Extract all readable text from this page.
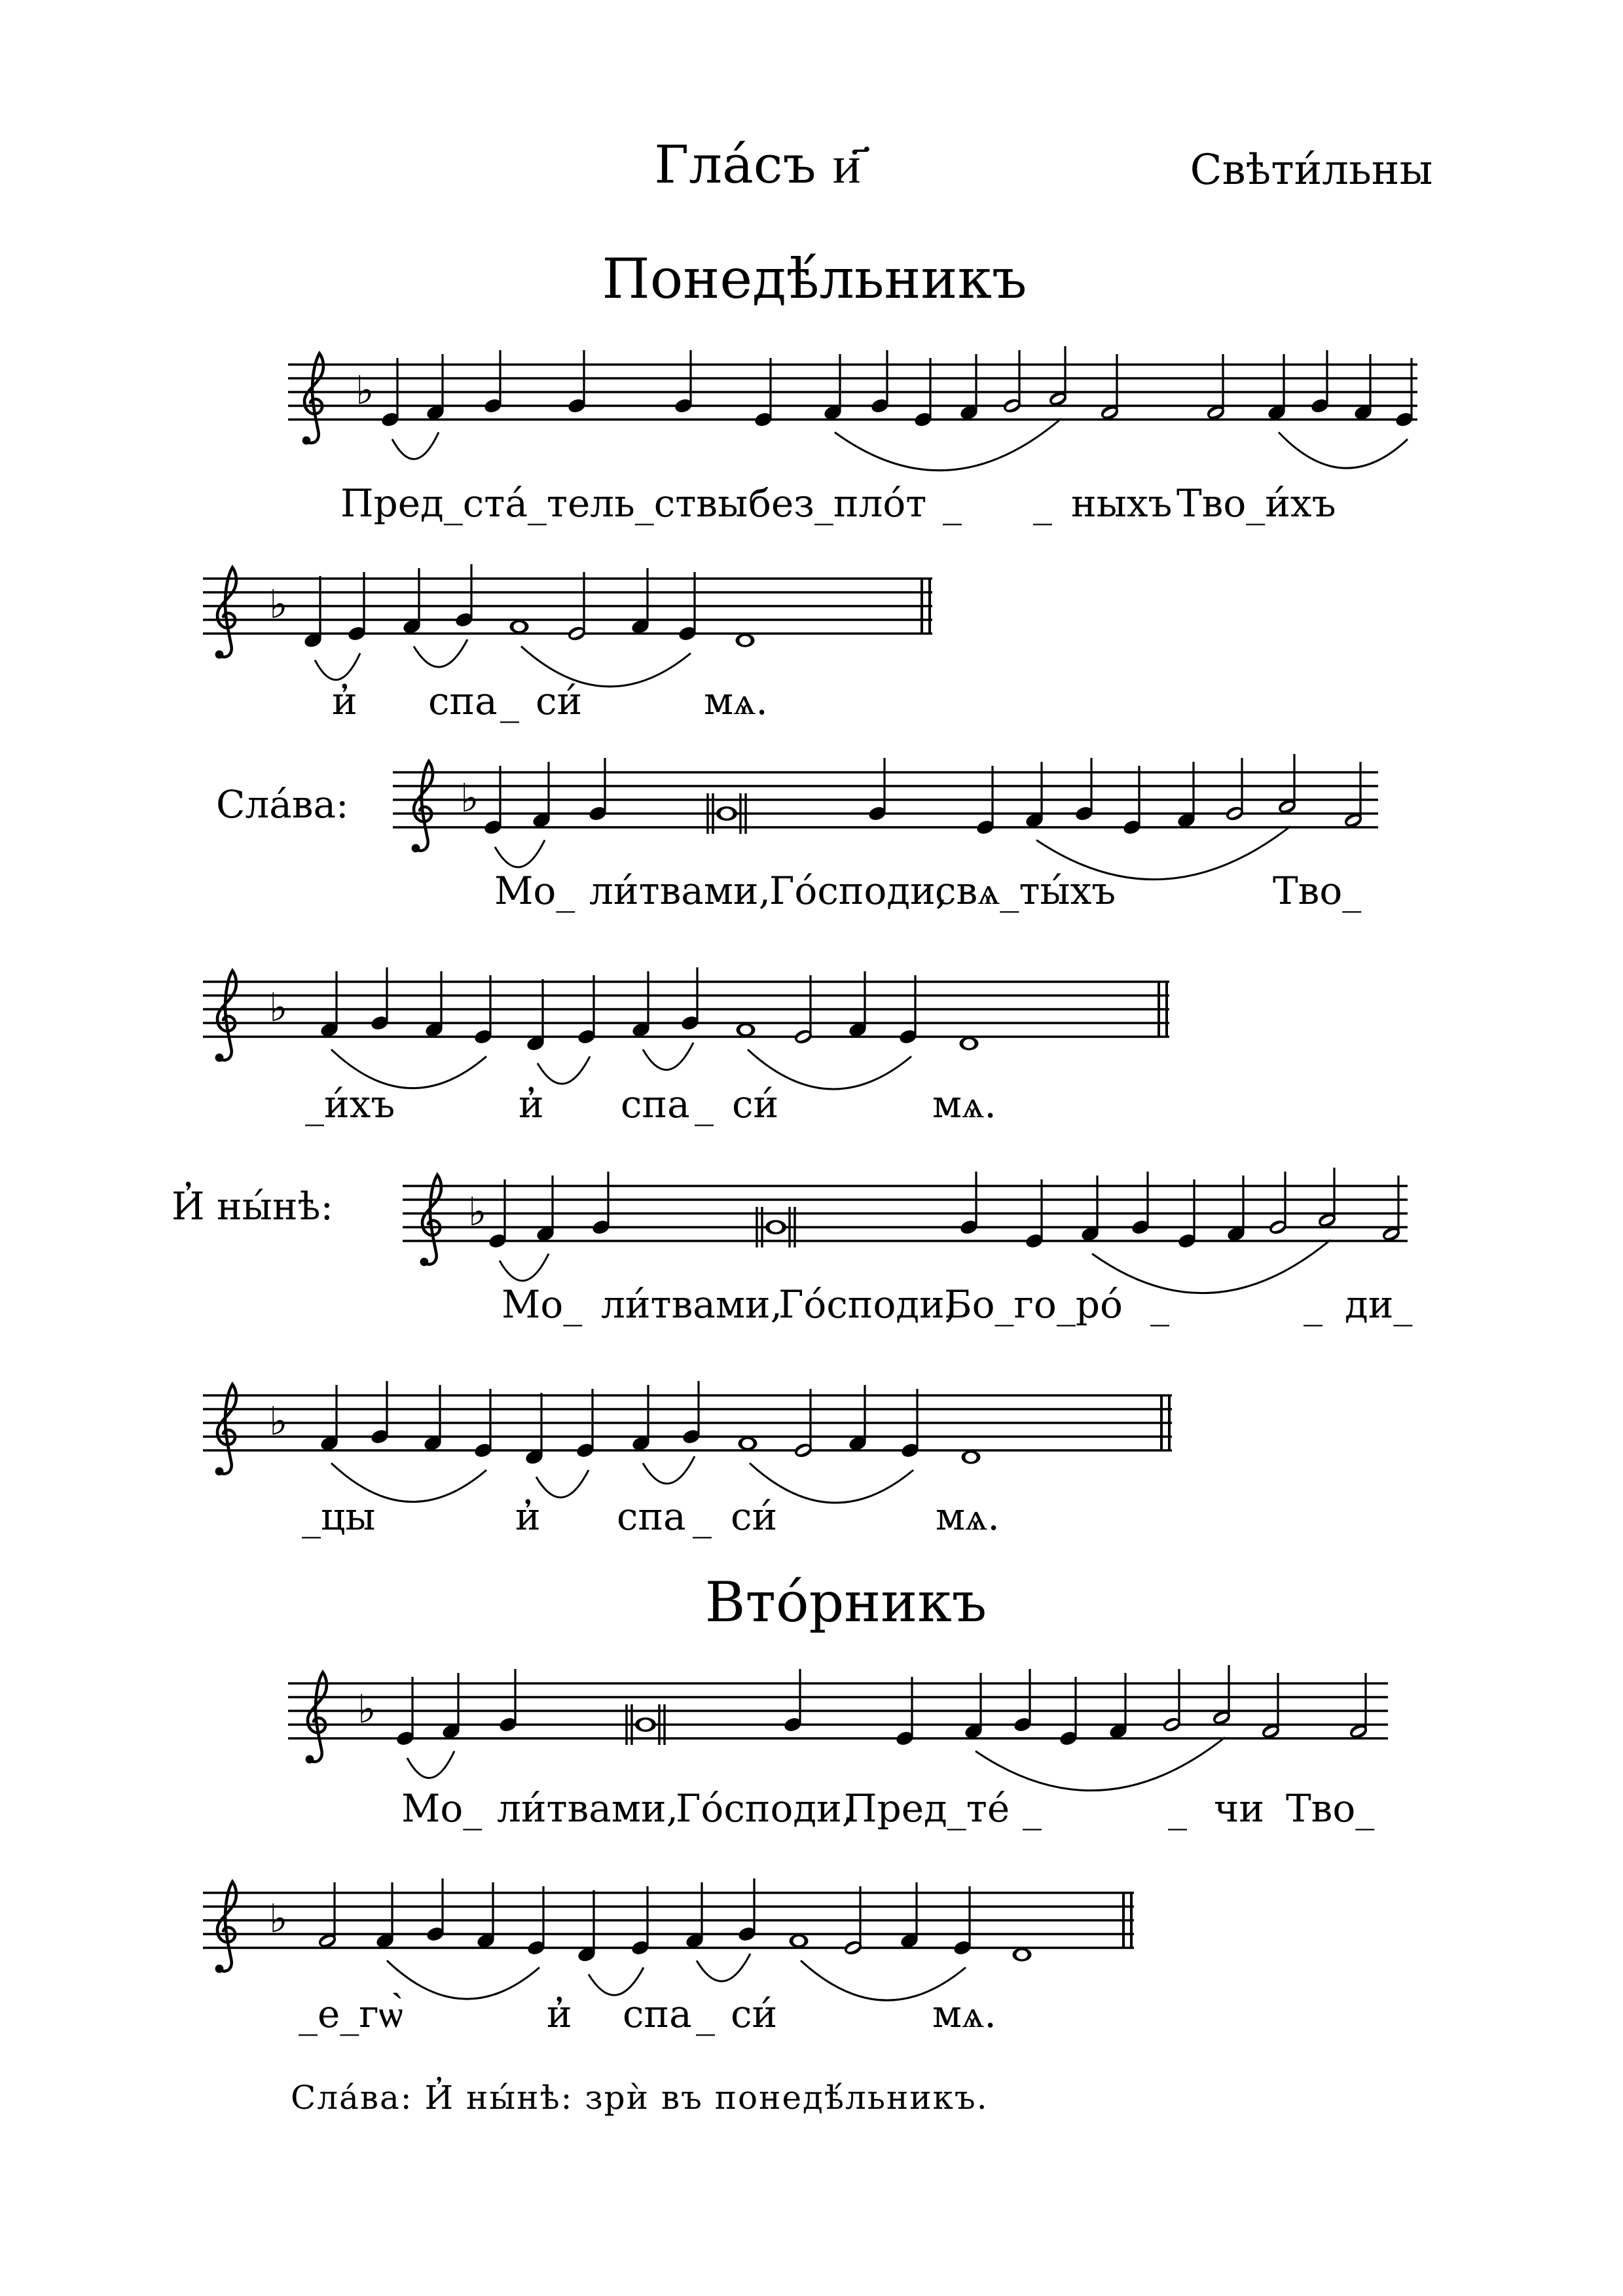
Гла́съ и҃	Свѣти́льны
Понедѣ́льникъ
Вто́рникъ
Сла́ва: И̓ ны́нѣ: зрѝ въ понедѣ́льникъ.
♭
Пред_ста́_тель_ствы без_пло́т _ _ ныхъ Тво_и́хъ
♭
и̓ спа _ си́	мѧ.
♭
Сла́ва:
Мо_ ли́твами,
Го́споди,
свѧ_ты́хъ	Тво_
♭
_и́хъ	и̓ спа _ си́	мѧ.
♭
И̓ ны́нѣ:
Мо_ ли́твами,
Го́споди,
Бо_го_ро́ _	_ ди_
♭
_цы	и̓ спа _ си́	мѧ.
♭
Мо_ ли́твами,
Го́споди,
Пред_те́ _	_ чи Тво_
♭
_е_гѡ̀	и̓ спа _ си́	мѧ.
